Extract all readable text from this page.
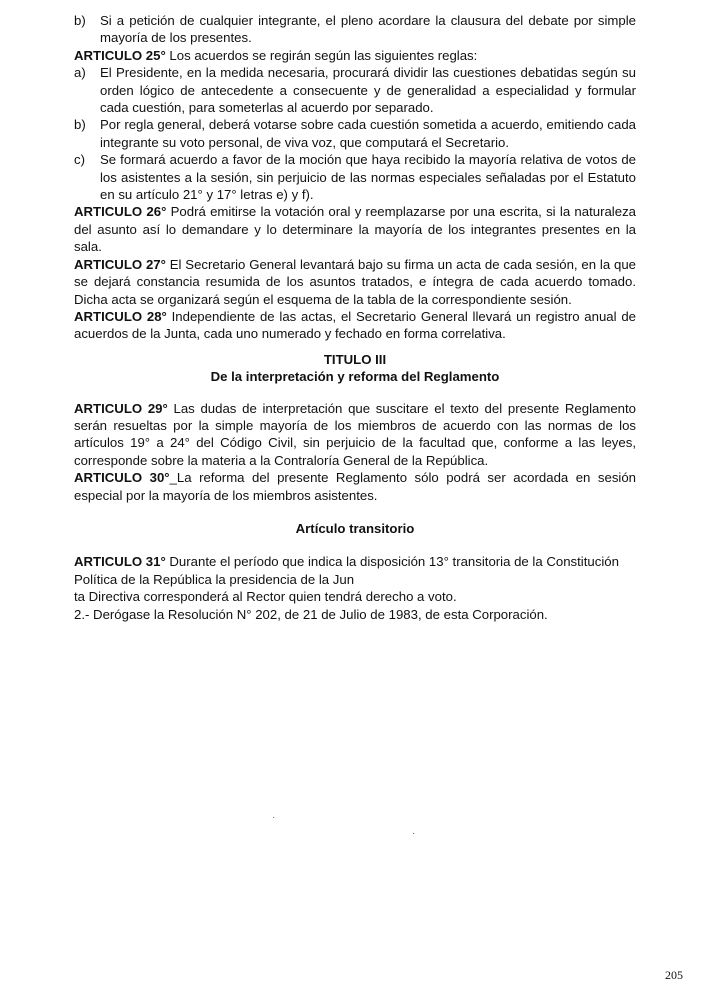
b)	Si a petición de cualquier integrante, el pleno acordare la clausura del debate por simple mayoría de los presentes.

ARTICULO 25° Los acuerdos se regirán según las siguientes reglas:

a)	El Presidente, en la medida necesaria, procurará dividir las cuestiones debatidas según su orden lógico de antecedente a consecuente y de generalidad a especialidad y formular cada cuestión, para someterlas al acuerdo por separado.
b)	Por regla general, deberá votarse sobre cada cuestión sometida a acuerdo, emitiendo cada integrante su voto personal, de viva voz, que computará el Secretario.
c)	Se formará acuerdo a favor de la moción que haya recibido la mayoría relativa de votos de los asistentes a la sesión, sin perjuicio de las normas especiales señaladas por el Estatuto en su artículo 21° y 17° letras e) y f).

ARTICULO 26° Podrá emitirse la votación oral y reemplazarse por una escrita, si la naturaleza del asunto así lo demandare y lo determinare la mayoría de los integrantes presentes en la sala.

ARTICULO 27° El Secretario General levantará bajo su firma un acta de cada sesión, en la que se dejará constancia resumida de los asuntos tratados, e íntegra de cada acuerdo tomado. Dicha acta se organizará según el esquema de la tabla de la correspondiente sesión.

ARTICULO 28° Independiente de las actas, el Secretario General llevará un registro anual de acuerdos de la Junta, cada uno numerado y fechado en forma correlativa.

TITULO III
De la interpretación y reforma del Reglamento

ARTICULO 29° Las dudas de interpretación que suscitare el texto del presente Reglamento serán resueltas por la simple mayoría de los miembros de acuerdo con las normas de los artículos 19° a 24° del Código Civil, sin perjuicio de la facultad que, conforme a las leyes, corresponde sobre la materia a la Contraloría General de la República.

ARTICULO 30°_La reforma del presente Reglamento sólo podrá ser acordada en sesión especial por la mayoría de los miembros asistentes.

Artículo transitorio

ARTICULO 31° Durante el período que indica la disposición 13° transitoria de la Constitución Política de la República la presidencia de la Jun
ta Directiva corresponderá al Rector quien tendrá derecho a voto.

2.- Derógase la Resolución N° 202, de 21 de Julio de 1983, de esta Corporación.

·
·
205
